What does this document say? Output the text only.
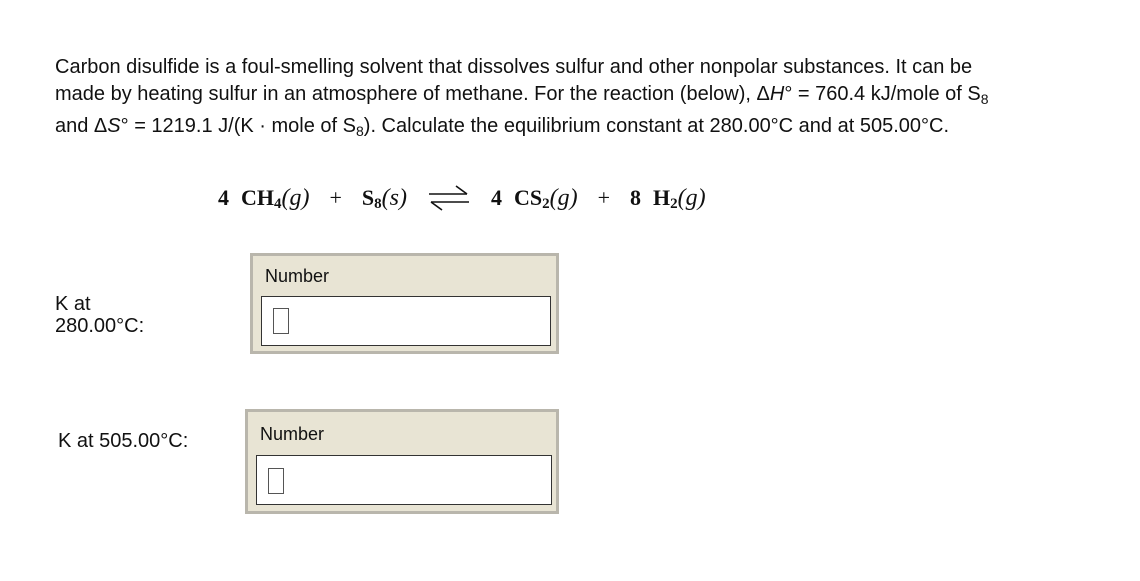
Carbon disulfide is a foul-smelling solvent that dissolves sulfur and other nonpolar substances. It can be
made by heating sulfur in an atmosphere of methane. For the reaction (below), ΔH° = 760.4 kJ/mole of $S_8$
and ΔS° = 1219.1 J/(K · mole of $S_8$). Calculate the equilibrium constant at 280.00°C and at 505.00°C.
4 CH 4 (g) + S 8 (s) ⇌ 4 CS 2 (g) + 8 H 2 (g)
K at
280.00°C:
Number
K at 505.00°C:	Number
